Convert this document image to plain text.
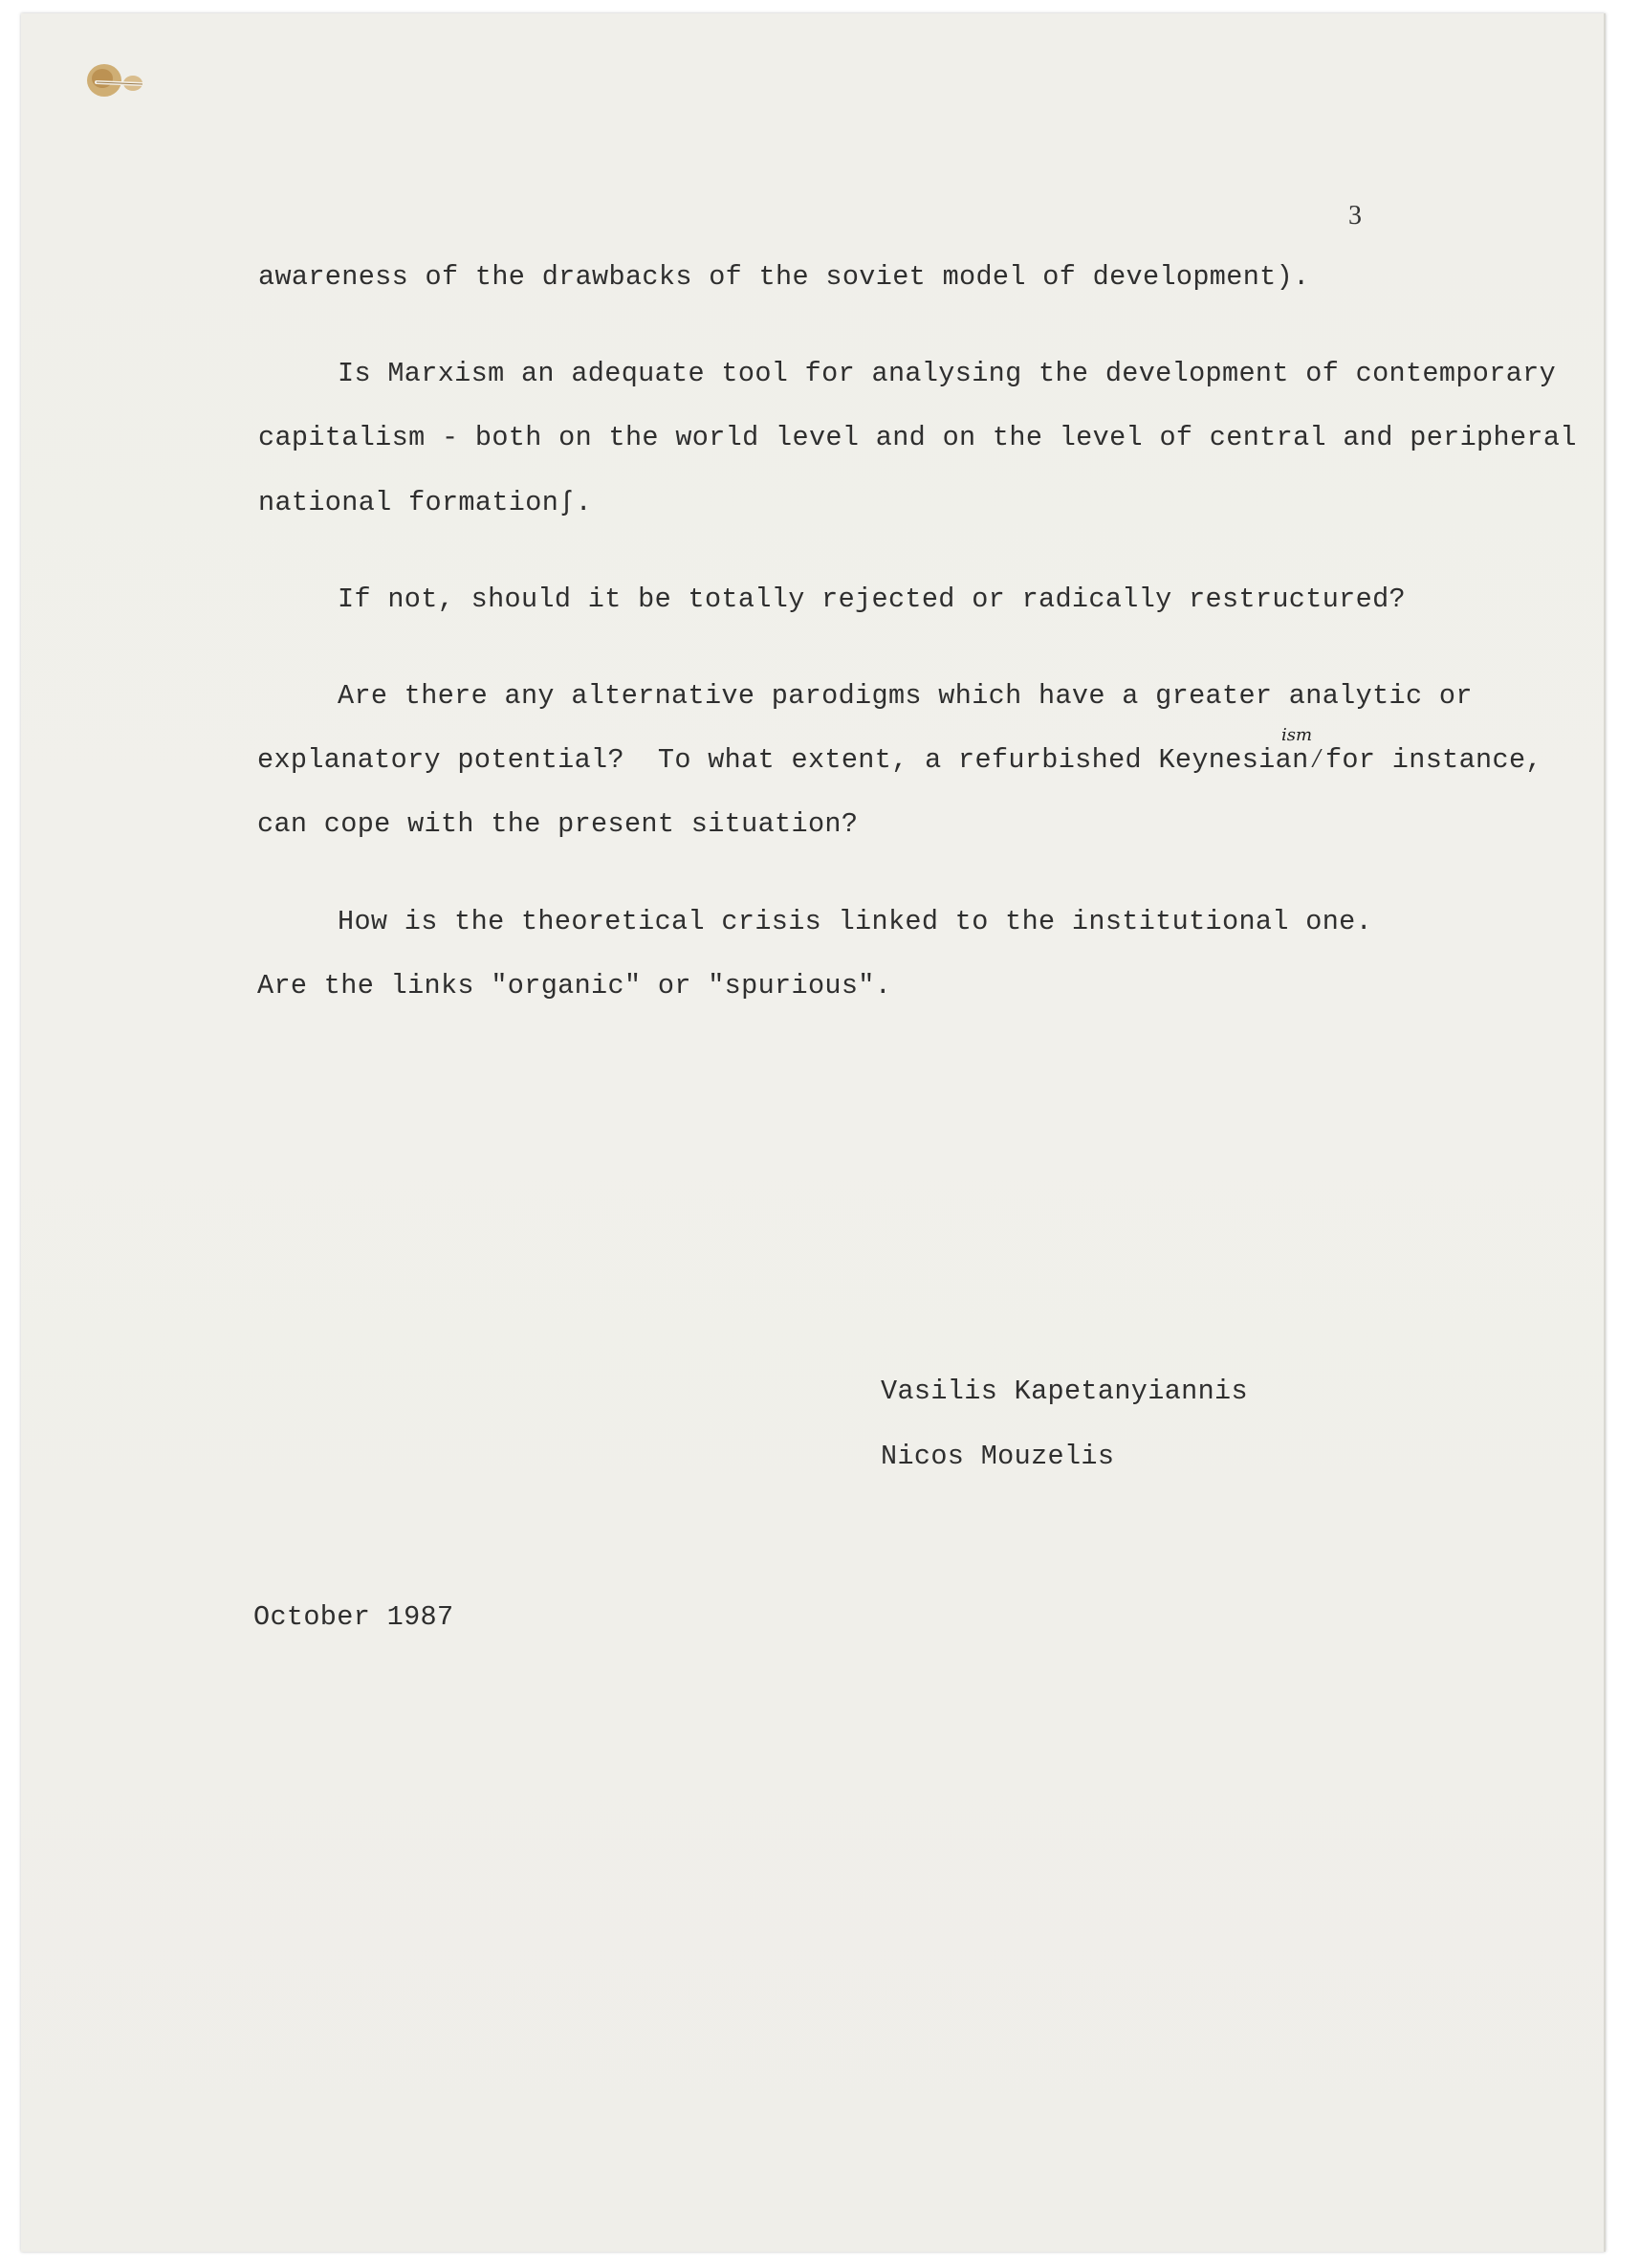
3
awareness of the drawbacks of the soviet model of development).
Is Marxism an adequate tool for analysing the development of contemporary
capitalism - both on the world level and on the level of central and peripheral
national formationʃ.
If not, should it be totally rejected or radically restructured?
Are there any alternative parodigms which have a greater analytic or
explanatory potential?  To what extent, a refurbished Keynesian⁄for instance,
ism
can cope with the present situation?
How is the theoretical crisis linked to the institutional one.
Are the links "organic" or "spurious".
Vasilis Kapetanyiannis
Nicos Mouzelis
October 1987
